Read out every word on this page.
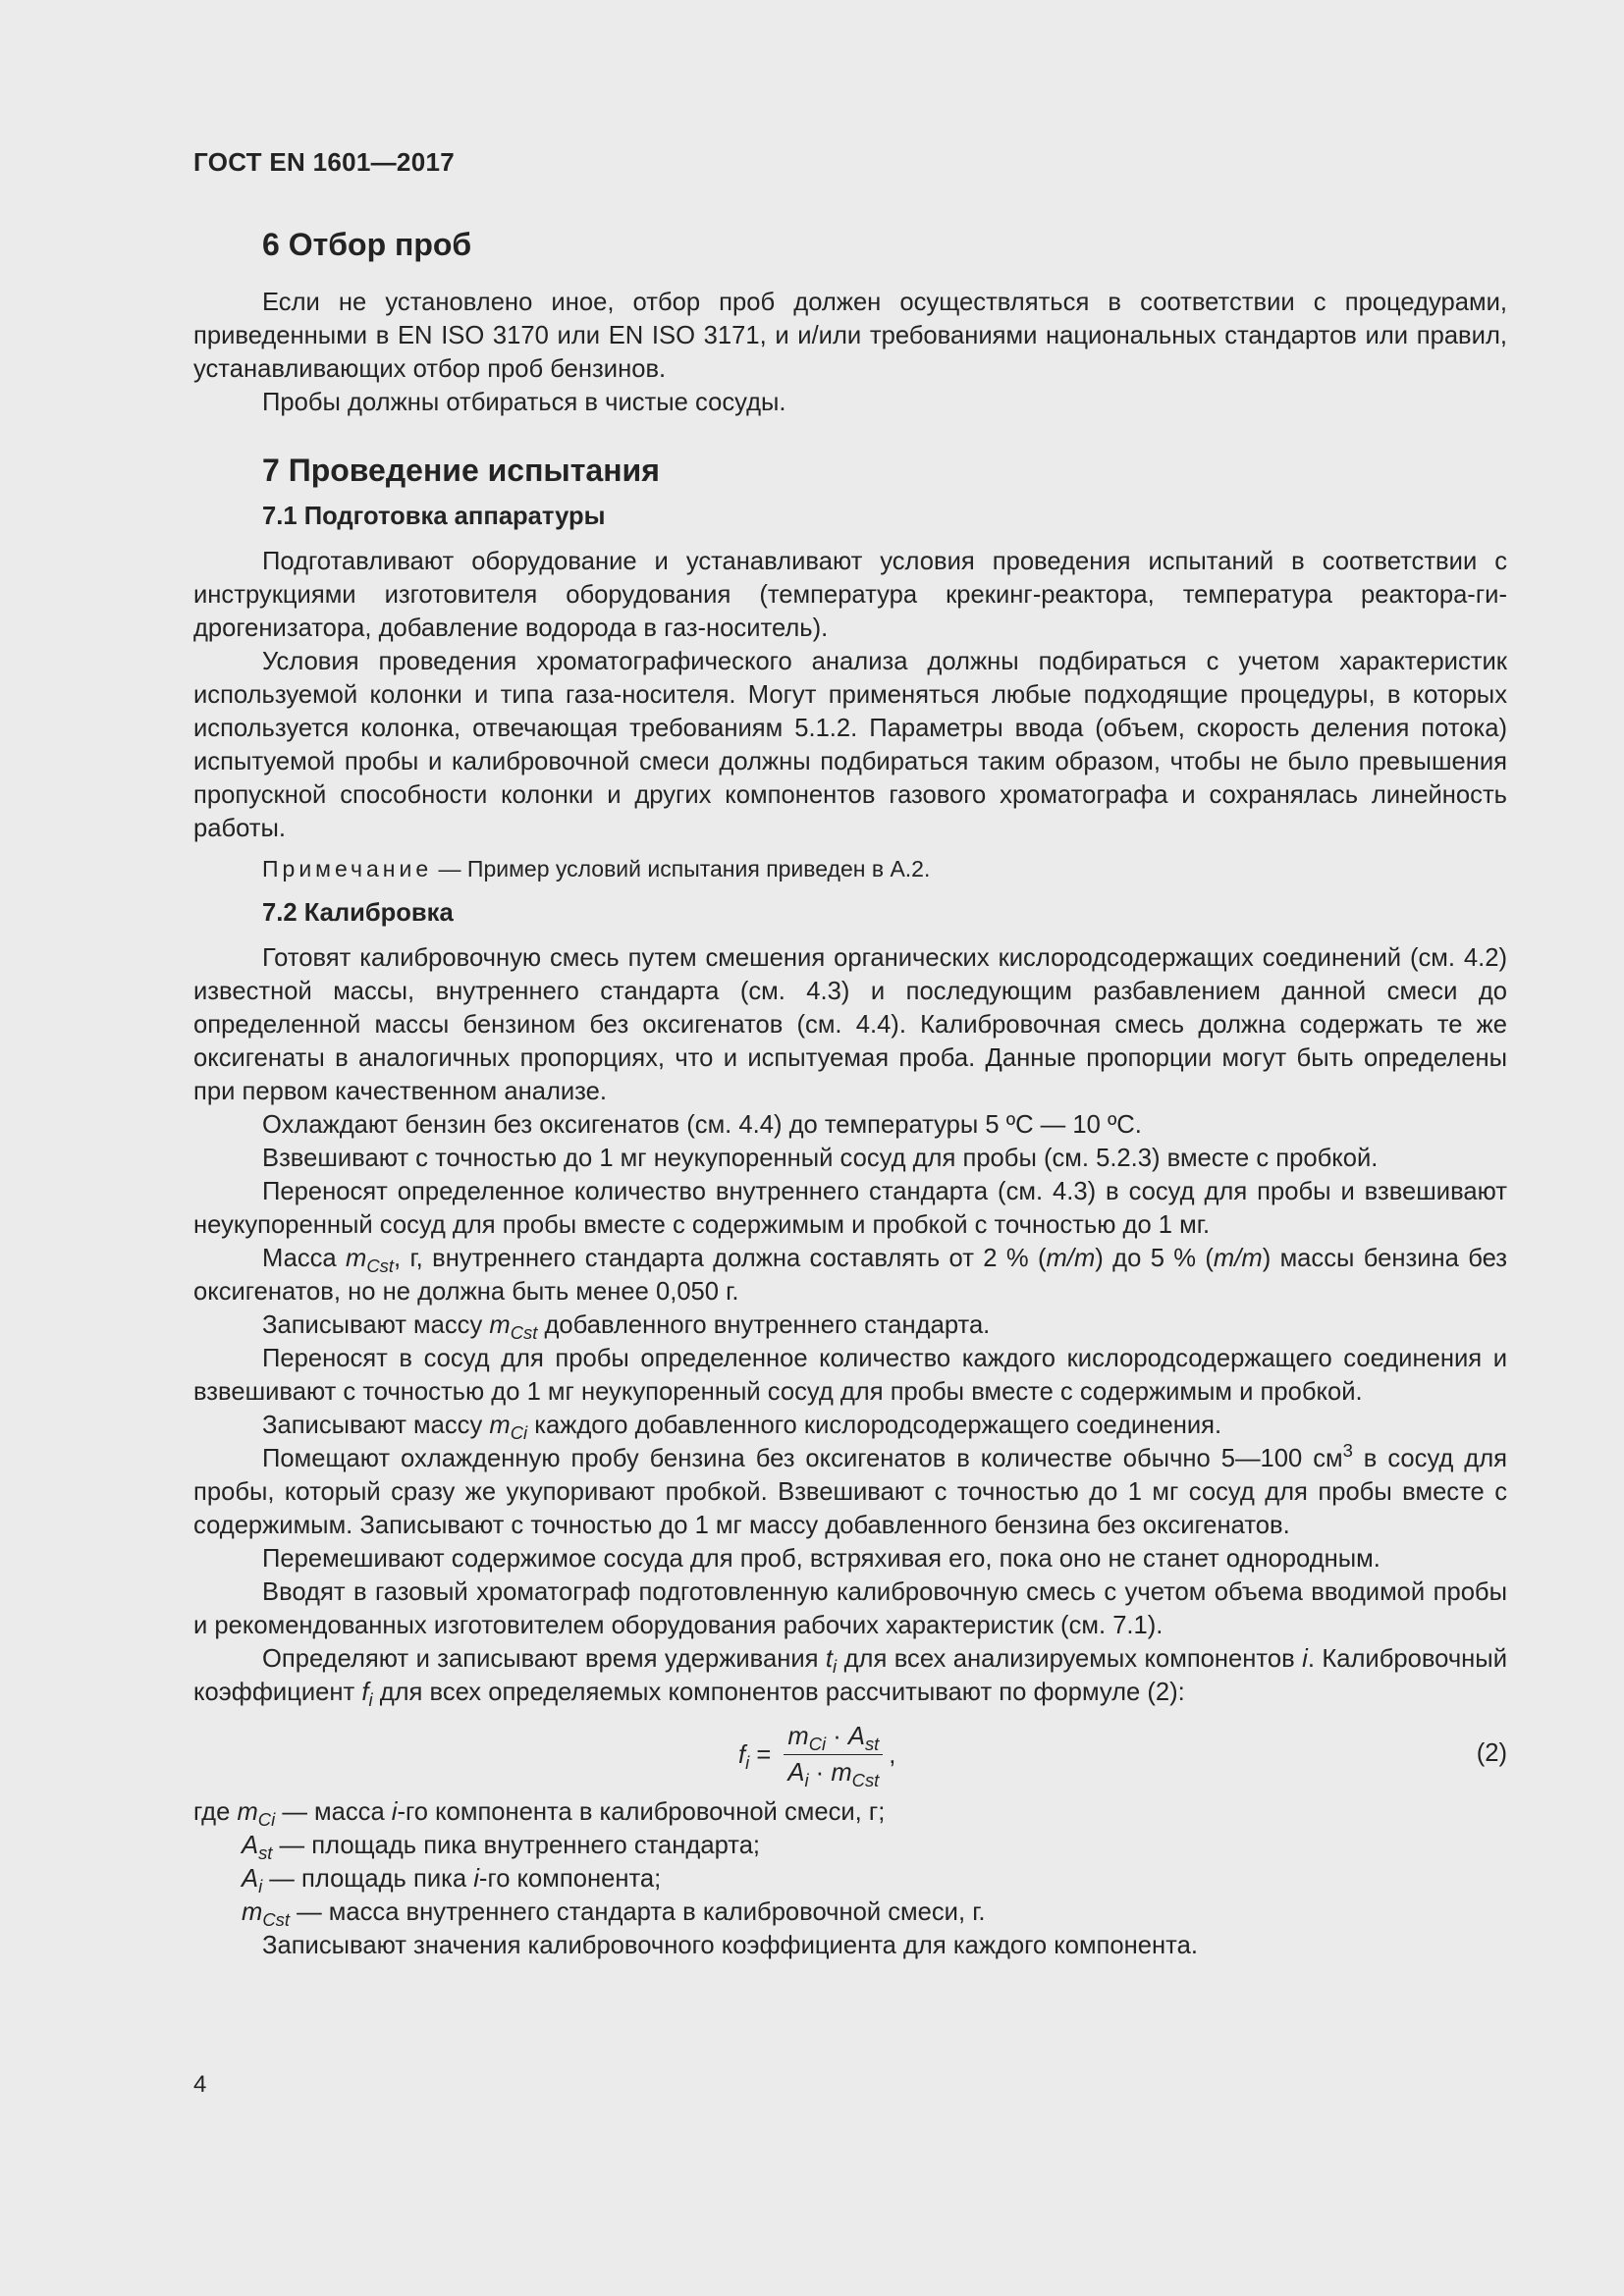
ГОСТ EN 1601—2017
6 Отбор проб

Если не установлено иное, отбор проб должен осуществляться в соответствии с процедурами, приведенными в EN ISO 3170 или EN ISO 3171, и и/или требованиями национальных стандартов или правил, устанавливающих отбор проб бензинов.

Пробы должны отбираться в чистые сосуды.

7 Проведение испытания
7.1 Подготовка аппаратуры

Подготавливают оборудование и устанавливают условия проведения испытаний в соответствии с инструкциями изготовителя оборудования (температура крекинг-реактора, температура реактора-гидрогенизатора, добавление водорода в газ-носитель).

Условия проведения хроматографического анализа должны подбираться с учетом характеристик используемой колонки и типа газа-носителя. Могут применяться любые подходящие процедуры, в которых используется колонка, отвечающая требованиям 5.1.2. Параметры ввода (объем, скорость деления потока) испытуемой пробы и калибровочной смеси должны подбираться таким образом, чтобы не было превышения пропускной способности колонки и других компонентов газового хроматографа и сохранялась линейность работы.

Примечание — Пример условий испытания приведен в А.2.

7.2 Калибровка

Готовят калибровочную смесь путем смешения органических кислородсодержащих соединений (см. 4.2) известной массы, внутреннего стандарта (см. 4.3) и последующим разбавлением данной смеси до определенной массы бензином без оксигенатов (см. 4.4). Калибровочная смесь должна содержать те же оксигенаты в аналогичных пропорциях, что и испытуемая проба. Данные пропорции могут быть определены при первом качественном анализе.

Охлаждают бензин без оксигенатов (см. 4.4) до температуры 5 ºС — 10 ºС.

Взвешивают с точностью до 1 мг неукупоренный сосуд для пробы (см. 5.2.3) вместе с пробкой.

Переносят определенное количество внутреннего стандарта (см. 4.3) в сосуд для пробы и взвешивают неукупоренный сосуд для пробы вместе с содержимым и пробкой с точностью до 1 мг.

Масса $m_{Cst}$, г, внутреннего стандарта должна составлять от 2 % (m/m) до 5 % (m/m) массы бензина без оксигенатов, но не должна быть менее 0,050 г.

Записывают массу $m_{Cst}$ добавленного внутреннего стандарта.

Переносят в сосуд для пробы определенное количество каждого кислородсодержащего соединения и взвешивают с точностью до 1 мг неукупоренный сосуд для пробы вместе с содержимым и пробкой.

Записывают массу $m_{Ci}$ каждого добавленного кислородсодержащего соединения.

Помещают охлажденную пробу бензина без оксигенатов в количестве обычно 5—100 $см^3$ в сосуд для пробы, который сразу же укупоривают пробкой. Взвешивают с точностью до 1 мг сосуд для пробы вместе с содержимым. Записывают с точностью до 1 мг массу добавленного бензина без оксигенатов.

Перемешивают содержимое сосуда для проб, встряхивая его, пока оно не станет однородным.

Вводят в газовый хроматограф подготовленную калибровочную смесь с учетом объема вводимой пробы и рекомендованных изготовителем оборудования рабочих характеристик (см. 7.1).

Определяют и записывают время удерживания $t_i$ для всех анализируемых компонентов i. Калибровочный коэффициент $f_i$ для всех определяемых компонентов рассчитывают по формуле (2):

$f_i = \frac{m_{Ci} \cdot A_{st}}{A_i \cdot m_{Cst}}$ ,	(2)

где $m_{Ci}$ — масса i-го компонента в калибровочной смеси, г;

$A_{st}$ — площадь пика внутреннего стандарта;

$A_i$ — площадь пика i-го компонента;

$m_{Cst}$ — масса внутреннего стандарта в калибровочной смеси, г.

Записывают значения калибровочного коэффициента для каждого компонента.

4
